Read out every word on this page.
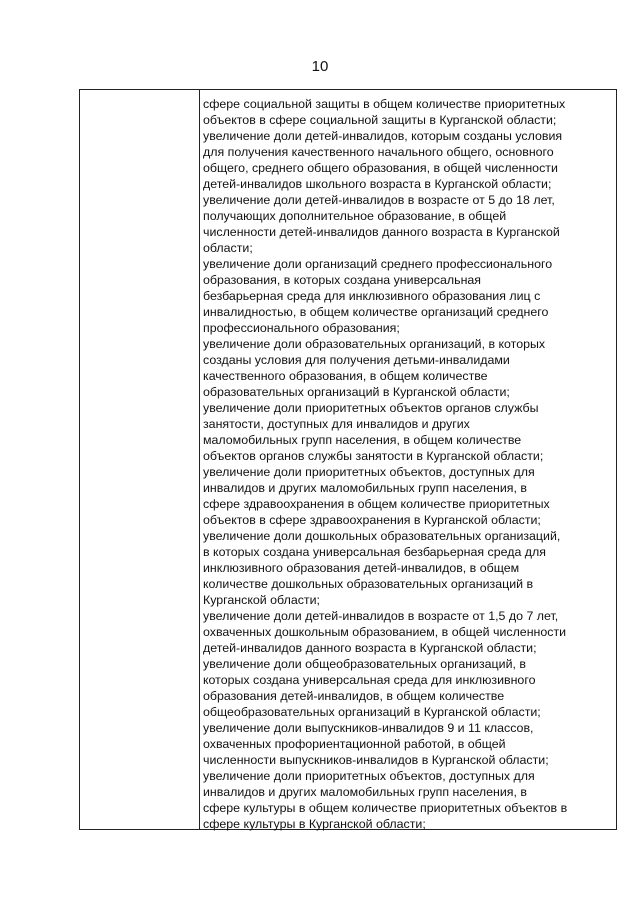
10
сфере социальной защиты в общем количестве приоритетных
объектов в сфере социальной защиты в Курганской области;
увеличение доли детей-инвалидов, которым созданы условия
для получения качественного начального общего, основного
общего, среднего общего образования, в общей численности
детей-инвалидов школьного возраста в Курганской области;
увеличение доли детей-инвалидов в возрасте от 5 до 18 лет,
получающих дополнительное образование, в общей
численности детей-инвалидов данного возраста в Курганской
области;
увеличение доли организаций среднего профессионального
образования, в которых создана универсальная
безбарьерная среда для инклюзивного образования лиц с
инвалидностью, в общем количестве организаций среднего
профессионального образования;
увеличение доли образовательных организаций, в которых
созданы условия для получения детьми-инвалидами
качественного образования, в общем количестве
образовательных организаций в Курганской области;
увеличение доли приоритетных объектов органов службы
занятости, доступных для инвалидов и других
маломобильных групп населения, в общем количестве
объектов органов службы занятости в Курганской области;
увеличение доли приоритетных объектов, доступных для
инвалидов и других маломобильных групп населения, в
сфере здравоохранения в общем количестве приоритетных
объектов в сфере здравоохранения в Курганской области;
увеличение доли дошкольных образовательных организаций,
в которых создана универсальная безбарьерная среда для
инклюзивного образования детей-инвалидов, в общем
количестве дошкольных образовательных организаций в
Курганской области;
увеличение доли детей-инвалидов в возрасте от 1,5 до 7 лет,
охваченных дошкольным образованием, в общей численности
детей-инвалидов данного возраста в Курганской области;
увеличение доли общеобразовательных организаций, в
которых создана универсальная среда для инклюзивного
образования детей-инвалидов, в общем количестве
общеобразовательных организаций в Курганской области;
увеличение доли выпускников-инвалидов 9 и 11 классов,
охваченных профориентационной работой, в общей
численности выпускников-инвалидов в Курганской области;
увеличение доли приоритетных объектов, доступных для
инвалидов и других маломобильных групп населения, в
сфере культуры в общем количестве приоритетных объектов в
сфере культуры в Курганской области;
